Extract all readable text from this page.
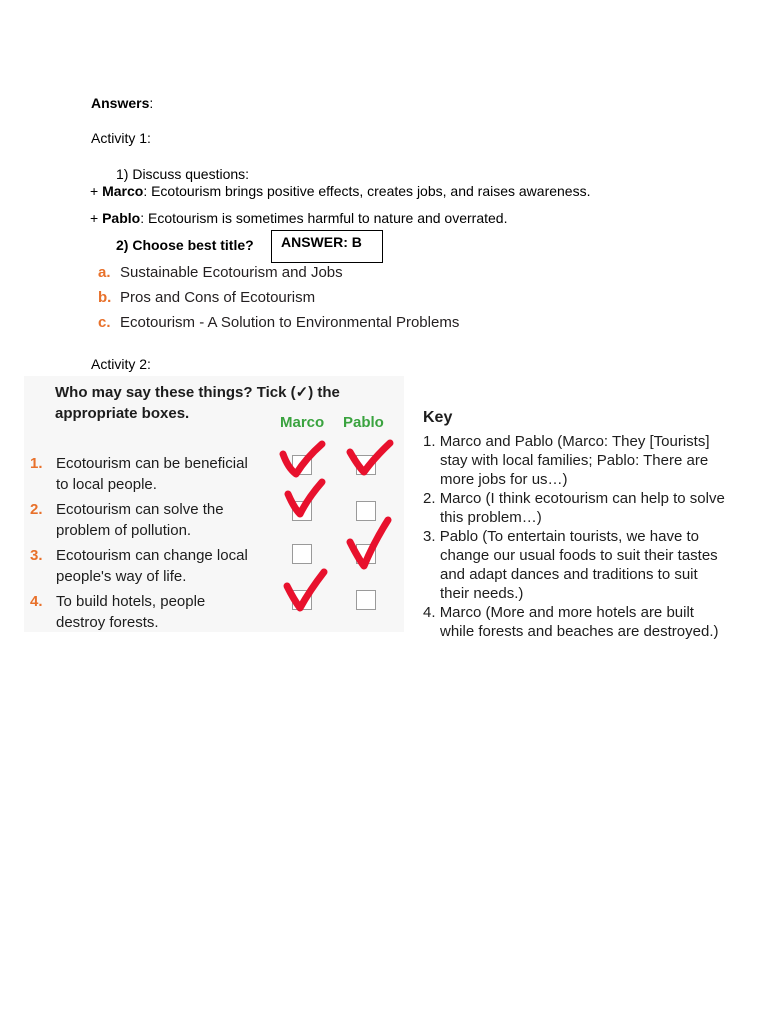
Answers:
Activity 1:
1) Discuss questions:
+ Marco: Ecotourism brings positive effects, creates jobs, and raises awareness.
+ Pablo: Ecotourism is sometimes harmful to nature and overrated.
2) Choose best title?	ANSWER: B
a. Sustainable Ecotourism and Jobs
b. Pros and Cons of Ecotourism
c. Ecotourism - A Solution to Environmental Problems
Activity 2:
Who may say these things? Tick (✓) the
appropriate boxes.
Marco Pablo
1. Ecotourism can be beneficial
to local people.
2. Ecotourism can solve the
problem of pollution.
3. Ecotourism can change local
people's way of life.
4. To build hotels, people
destroy forests.
Key
1. Marco and Pablo (Marco: They [Tourists]
stay with local families; Pablo: There are
more jobs for us…)
2. Marco (I think ecotourism can help to solve
this problem…)
3. Pablo (To entertain tourists, we have to
change our usual foods to suit their tastes
and adapt dances and traditions to suit
their needs.)
4. Marco (More and more hotels are built
while forests and beaches are destroyed.)
